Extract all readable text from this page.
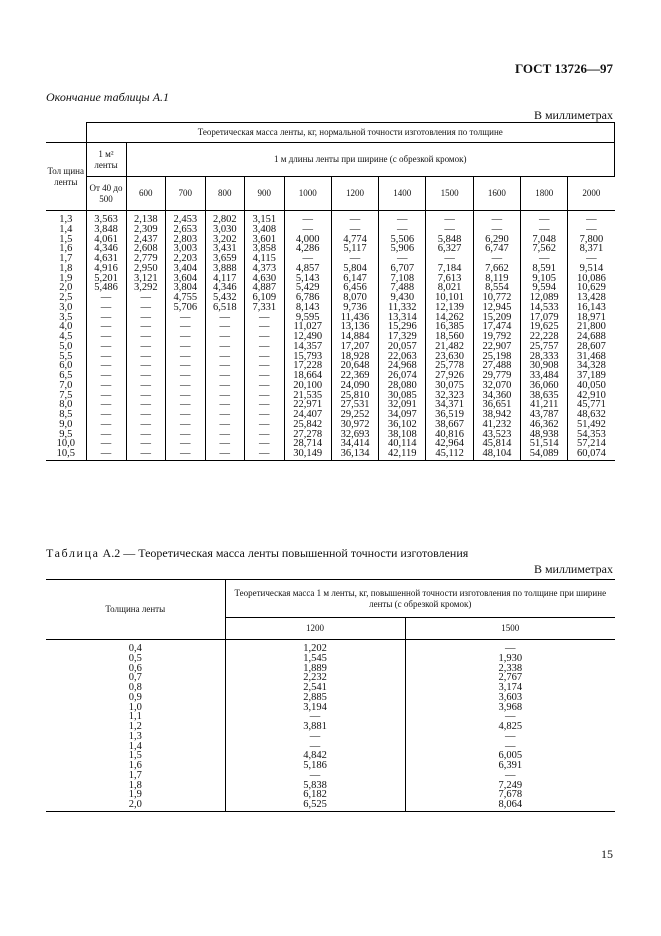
ГОСТ 13726—97
Окончание таблицы А.1
В миллиметрах
	Теоретическая масса ленты, кг, нормальной точности изготовления по толщине											
Тол щина ленты	1 м² ленты	1 м длины ленты при ширине (с обрезкой кромок)										
	От 40 до 500	600	700	800	900	1000	1200	1400	1500	1600	1800	2000
1,3	3,563	2,138	2,453	2,802	3,151	—	—	—	—	—	—	—
1,4	3,848	2,309	2,653	3,030	3,408	—	—	—	—	—	—	—
1,5	4,061	2,437	2,803	3,202	3,601	4,000	4,774	5,506	5,848	6,290	7,048	7,800
1,6	4,346	2,608	3,003	3,431	3,858	4,286	5,117	5,906	6,327	6,747	7,562	8,371
1,7	4,631	2,779	2,203	3,659	4,115	—	—	—	—	—	—	—
1,8	4,916	2,950	3,404	3,888	4,373	4,857	5,804	6,707	7,184	7,662	8,591	9,514
1,9	5,201	3,121	3,604	4,117	4,630	5,143	6,147	7,108	7,613	8,119	9,105	10,086
2,0	5,486	3,292	3,804	4,346	4,887	5,429	6,456	7,488	8,021	8,554	9,594	10,629
2,5	—	—	4,755	5,432	6,109	6,786	8,070	9,430	10,101	10,772	12,089	13,428
3,0	—	—	5,706	6,518	7,331	8,143	9,736	11,332	12,139	12,945	14,533	16,143
3,5	—	—	—	—	—	9,595	11,436	13,314	14,262	15,209	17,079	18,971
4,0	—	—	—	—	—	11,027	13,136	15,296	16,385	17,474	19,625	21,800
4,5	—	—	—	—	—	12,490	14,884	17,329	18,560	19,792	22,228	24,688
5,0	—	—	—	—	—	14,357	17,207	20,057	21,482	22,907	25,757	28,607
5,5	—	—	—	—	—	15,793	18,928	22,063	23,630	25,198	28,333	31,468
6,0	—	—	—	—	—	17,228	20,648	24,968	25,778	27,488	30,908	34,328
6,5	—	—	—	—	—	18,664	22,369	26,074	27,926	29,779	33,484	37,189
7,0	—	—	—	—	—	20,100	24,090	28,080	30,075	32,070	36,060	40,050
7,5	—	—	—	—	—	21,535	25,810	30,085	32,323	34,360	38,635	42,910
8,0	—	—	—	—	—	22,971	27,531	32,091	34,371	36,651	41,211	45,771
8,5	—	—	—	—	—	24,407	29,252	34,097	36,519	38,942	43,787	48,632
9,0	—	—	—	—	—	25,842	30,972	36,102	38,667	41,232	46,362	51,492
9,5	—	—	—	—	—	27,278	32,693	38,108	40,816	43,523	48,938	54,353
10,0	—	—	—	—	—	28,714	34,414	40,114	42,964	45,814	51,514	57,214
10,5	—	—	—	—	—	30,149	36,134	42,119	45,112	48,104	54,089	60,074
Таблица А.2 — Теоретическая масса ленты повышенной точности изготовления
В миллиметрах
Толщина ленты	Теоретическая масса 1 м ленты, кг, повышенной точности изготовления по толщине при ширине ленты (с обрезкой кромок)	
	1200	1500
0,4	1,202	—
0,5	1,545	1,930
0,6	1,889	2,338
0,7	2,232	2,767
0,8	2,541	3,174
0,9	2,885	3,603
1,0	3,194	3,968
1,1	—	—
1,2	3,881	4,825
1,3	—	—
1,4	—	—
1,5	4,842	6,005
1,6	5,186	6,391
1,7	—	—
1,8	5,838	7,249
1,9	6,182	7,678
2,0	6,525	8,064
15
